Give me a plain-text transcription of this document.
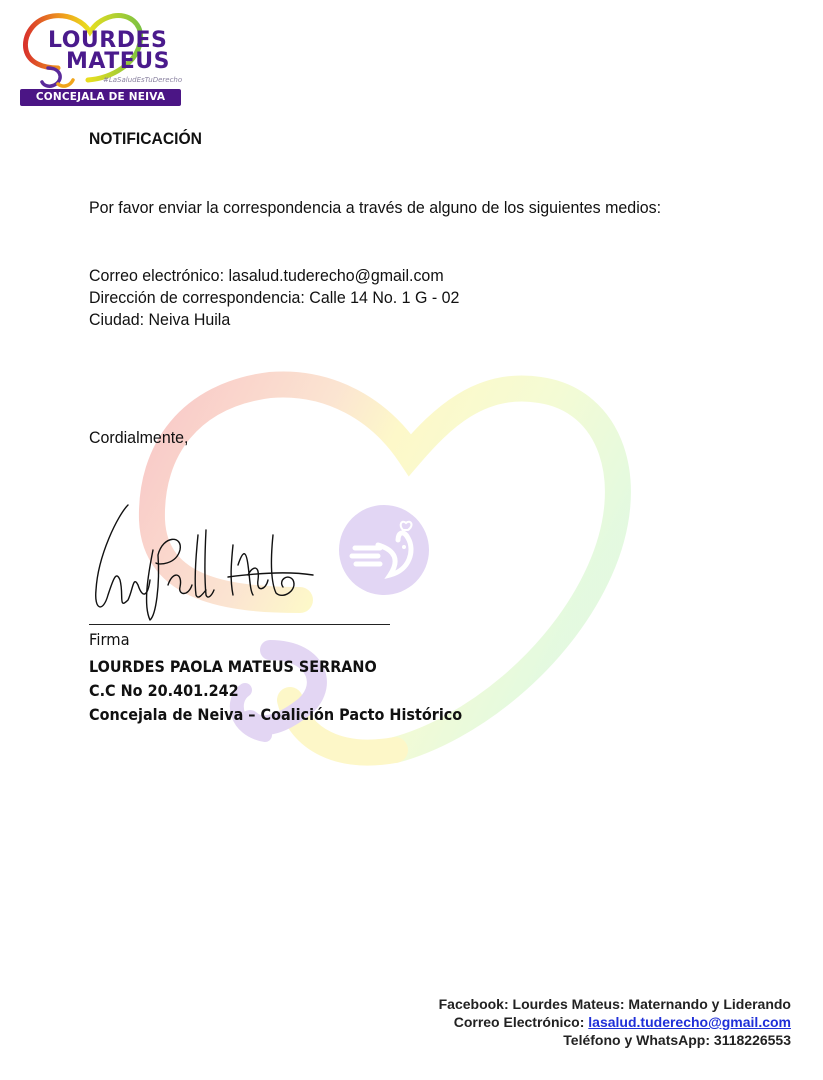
LOURDES
MATEUS
#LaSaludEsTuDerecho
CONCEJALA DE NEIVA
NOTIFICACIÓN
Por favor enviar la correspondencia a través de alguno de los siguientes medios:
Correo electrónico: lasalud.tuderecho@gmail.com
Dirección de correspondencia: Calle 14 No. 1 G - 02
Ciudad: Neiva Huila
Cordialmente,
Firma
LOURDES PAOLA MATEUS SERRANO
C.C No 20.401.242
Concejala de Neiva – Coalición Pacto Histórico
Facebook: Lourdes Mateus: Maternando y Liderando
Correo Electrónico: lasalud.tuderecho@gmail.com
Teléfono y WhatsApp: 3118226553
